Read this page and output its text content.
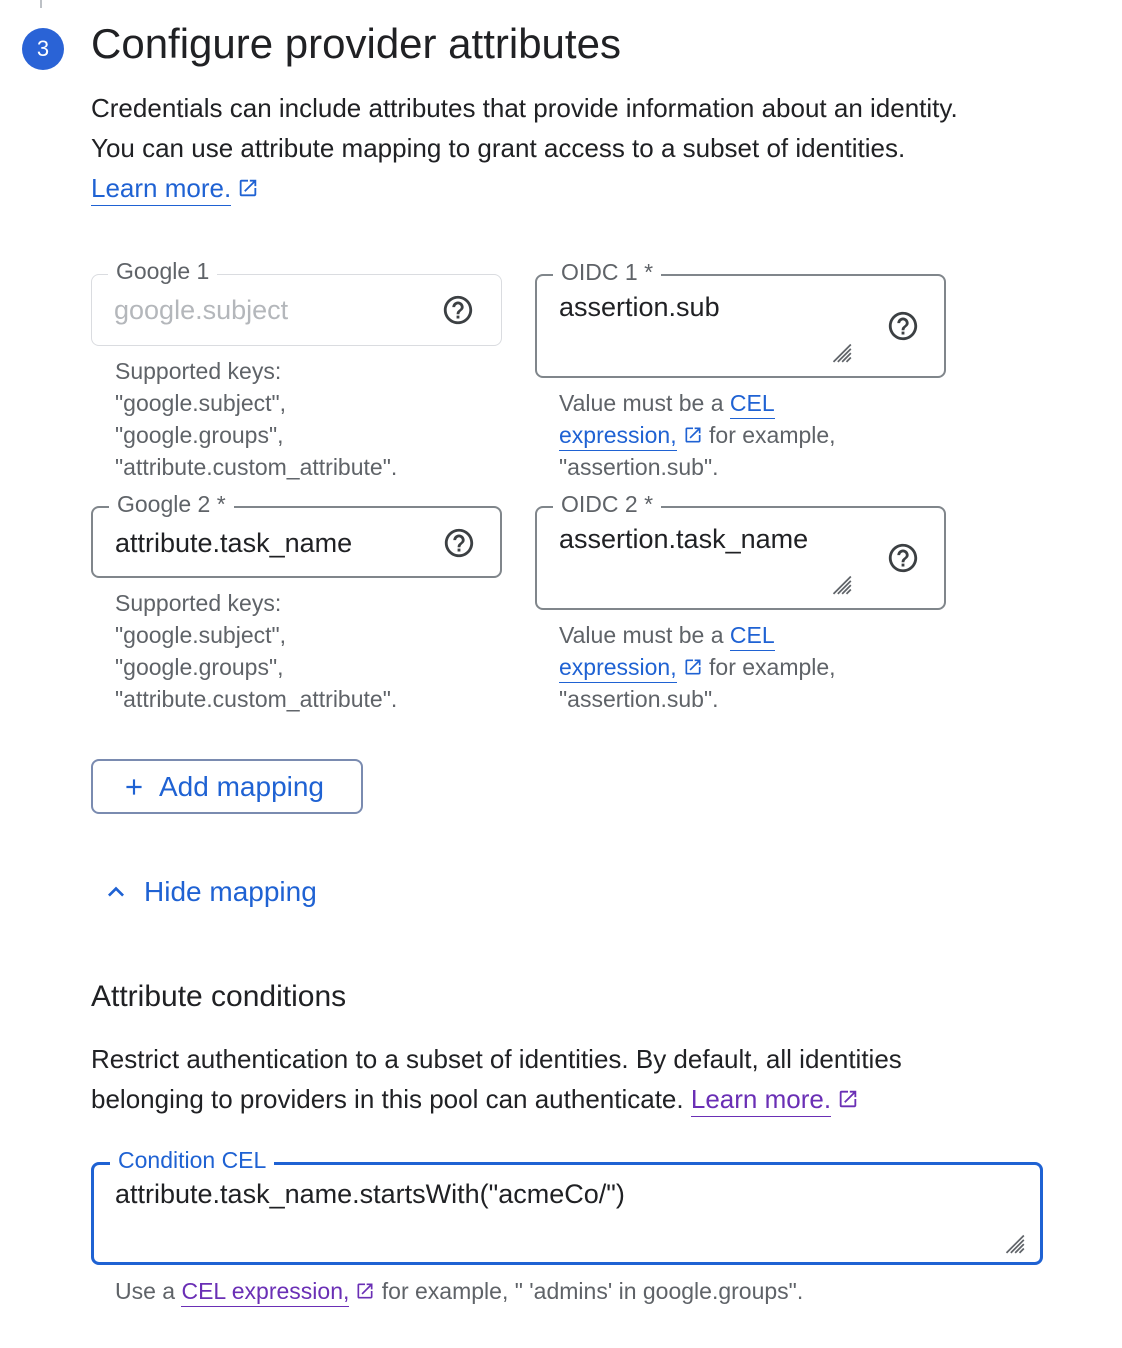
3 Configure provider attributes

Credentials can include attributes that provide information about an identity.

You can use attribute mapping to grant access to a subset of identities.

Learn more.

Google 1
google.subject

Supported keys:

"google.subject",

"google.groups",

"attribute.custom_attribute".

OIDC 1 *
assertion.sub

Value must be a CEL

expression, for example,

"assertion.sub".

Google 2 *
attribute.task_name

Supported keys:

"google.subject",

"google.groups",

"attribute.custom_attribute".

OIDC 2 *
assertion.task_name

Value must be a CEL

expression, for example,

"assertion.sub".

Add mapping
Hide mapping
Attribute conditions

Restrict authentication to a subset of identities. By default, all identities

belonging to providers in this pool can authenticate. Learn more.

Condition CEL
attribute.task_name.startsWith("acmeCo/")

Use a CEL expression, for example, " 'admins' in google.groups".
